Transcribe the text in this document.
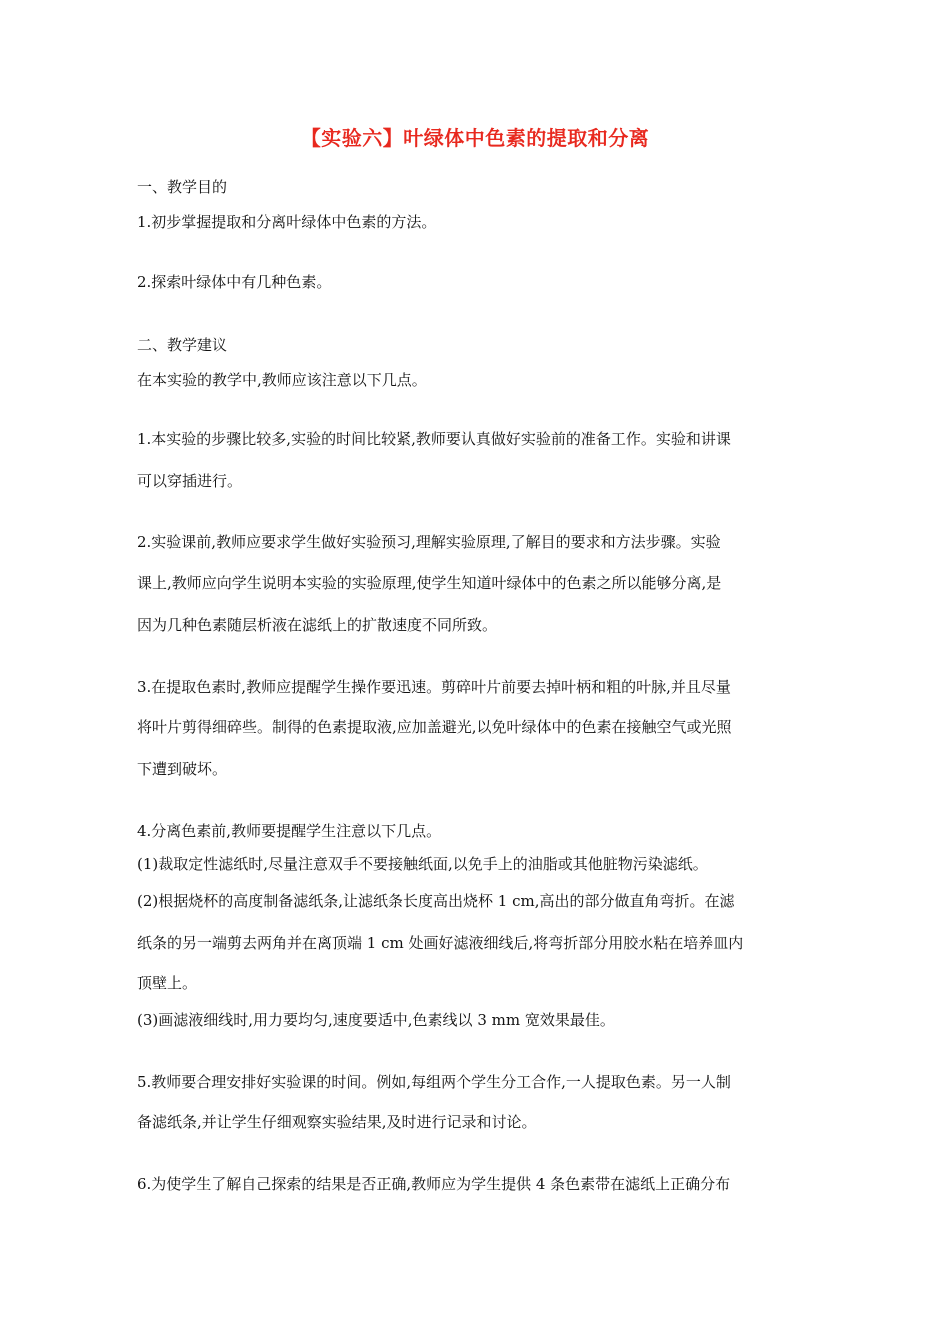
【实验六】叶绿体中色素的提取和分离
一、教学目的
1.初步掌握提取和分离叶绿体中色素的方法。
2.探索叶绿体中有几种色素。
二、教学建议
在本实验的教学中,教师应该注意以下几点。
1.本实验的步骤比较多,实验的时间比较紧,教师要认真做好实验前的准备工作。实验和讲课
可以穿插进行。
2.实验课前,教师应要求学生做好实验预习,理解实验原理,了解目的要求和方法步骤。实验
课上,教师应向学生说明本实验的实验原理,使学生知道叶绿体中的色素之所以能够分离,是
因为几种色素随层析液在滤纸上的扩散速度不同所致。
3.在提取色素时,教师应提醒学生操作要迅速。剪碎叶片前要去掉叶柄和粗的叶脉,并且尽量
将叶片剪得细碎些。制得的色素提取液,应加盖避光,以免叶绿体中的色素在接触空气或光照
下遭到破坏。
4.分离色素前,教师要提醒学生注意以下几点。
(1)裁取定性滤纸时,尽量注意双手不要接触纸面,以免手上的油脂或其他脏物污染滤纸。
(2)根据烧杯的高度制备滤纸条,让滤纸条长度高出烧杯 1 cm,高出的部分做直角弯折。在滤
纸条的另一端剪去两角并在离顶端 1 cm 处画好滤液细线后,将弯折部分用胶水粘在培养皿内
顶壁上。
(3)画滤液细线时,用力要均匀,速度要适中,色素线以 3 mm 宽效果最佳。
5.教师要合理安排好实验课的时间。例如,每组两个学生分工合作,一人提取色素。另一人制
备滤纸条,并让学生仔细观察实验结果,及时进行记录和讨论。
6.为使学生了解自己探索的结果是否正确,教师应为学生提供 4 条色素带在滤纸上正确分布
